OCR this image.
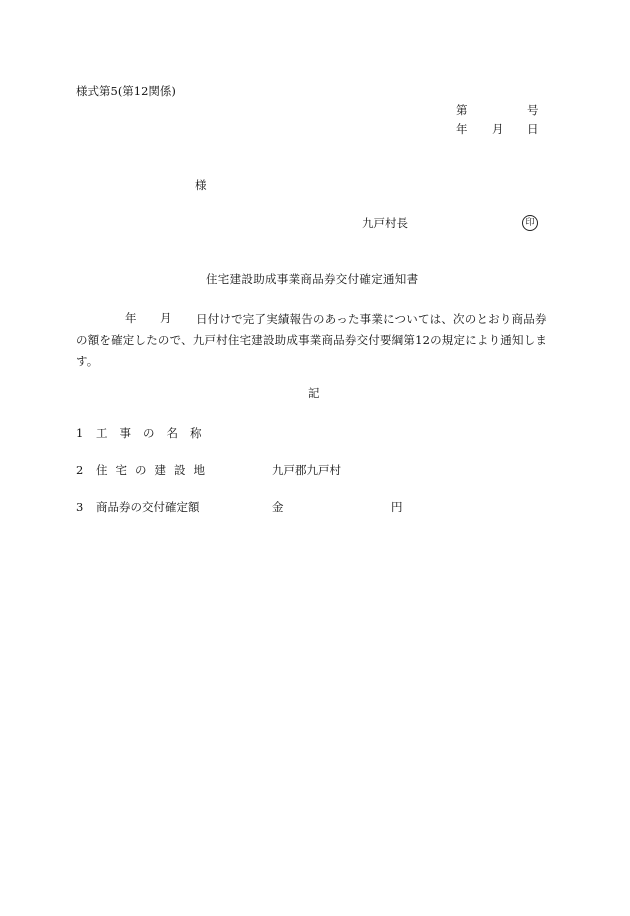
様式第5(第12関係)
第	号
年 月 日
様
九戸村長	印
住宅建設助成事業商品券交付確定通知書
年 月	日付けで完了実績報告のあった事業については、次のとおり商品券の額を確定したので、九戸村住宅建設助成事業商品券交付要綱第12の規定により通知します。
記
1 工事の名称
2 住宅の建設地	九戸郡九戸村
3 商品券の交付確定額	金	円
